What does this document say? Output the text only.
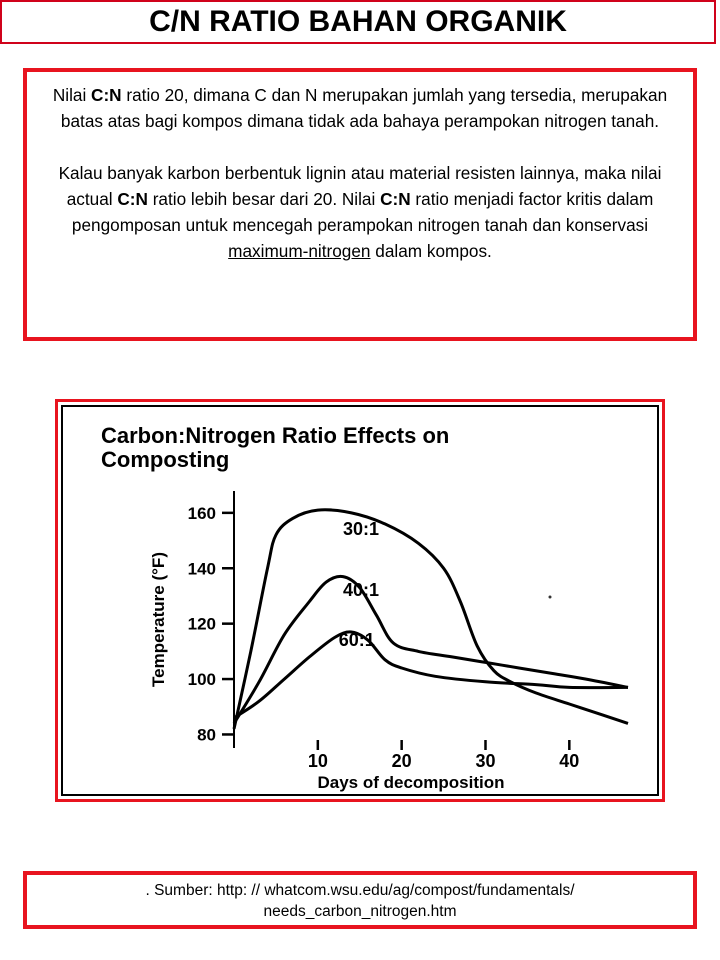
C/N RATIO BAHAN ORGANIK

Nilai C:N ratio 20, dimana C dan N merupakan jumlah yang tersedia, merupakan batas atas bagi kompos dimana tidak ada bahaya perampokan nitrogen tanah.

Kalau banyak karbon berbentuk lignin atau material resisten lainnya, maka nilai actual C:N ratio lebih besar dari 20. Nilai C:N ratio menjadi factor kritis dalam pengomposan untuk mencegah perampokan nitrogen tanah dan konservasi maximum-nitrogen dalam kompos.

Carbon:Nitrogen Ratio Effects on
Composting
80
100
120
140
160
10	20	30	40
Days of decomposition
Temperature (°F)
30:1
40:1
60:1
. Sumber: http: // whatcom.wsu.edu/ag/compost/fundamentals/
needs_carbon_nitrogen.htm
